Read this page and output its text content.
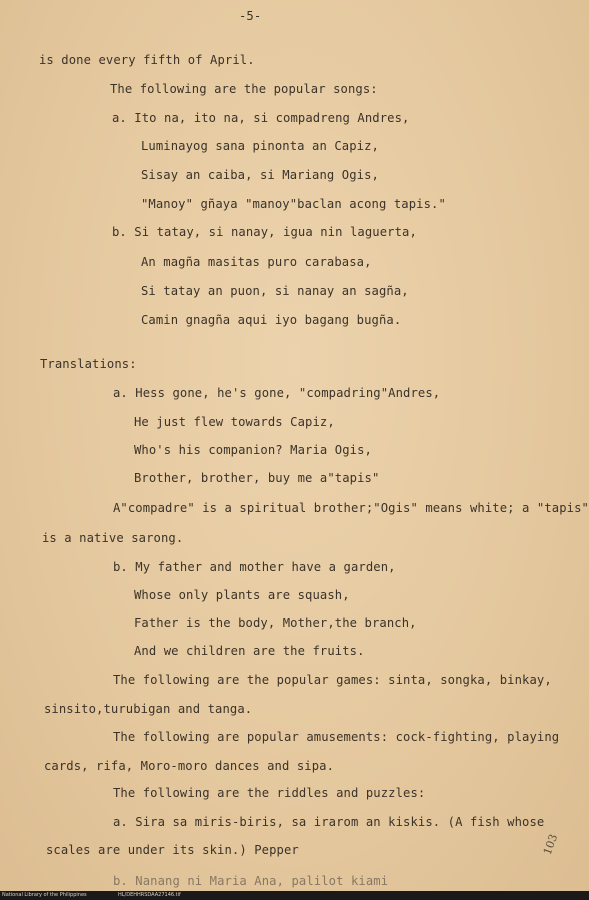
-5-
is done every fifth of April.
The following are the popular songs:
a. Ito na, ito na, si compadreng Andres,
Luminayog sana pinonta an Capiz,
Sisay an caiba, si Mariang Ogis,
"Manoy" gñaya "manoy"baclan acong tapis."
b. Si tatay, si nanay, igua nin laguerta,
An magña masitas puro carabasa,
Si tatay an puon, si nanay an sagña,
Camin gnagña aqui iyo bagang bugña.
Translations:
a. Hess gone, he's gone, "compadring"Andres,
He just flew towards Capiz,
Who's his companion? Maria Ogis,
Brother, brother, buy me a"tapis"
A"compadre" is a spiritual brother;"Ogis" means white; a "tapis"
is a native sarong.
b. My father and mother have a garden,
Whose only plants are squash,
Father is the body, Mother,the branch,
And we children are the fruits.
The following are the popular games: sinta, songka, binkay,
sinsito,turubigan and tanga.
The following are popular amusements: cock-fighting, playing
cards, rifa, Moro-moro dances and sipa.
The following are the riddles and puzzles:
a. Sira sa miris-biris, sa irarom an kiskis. (A fish whose
scales are under its skin.) Pepper
b. Nanang ni Maria Ana, palilot kiami
103
National Library of the Philippines	HL/DEHHRSDAA27146.tif
